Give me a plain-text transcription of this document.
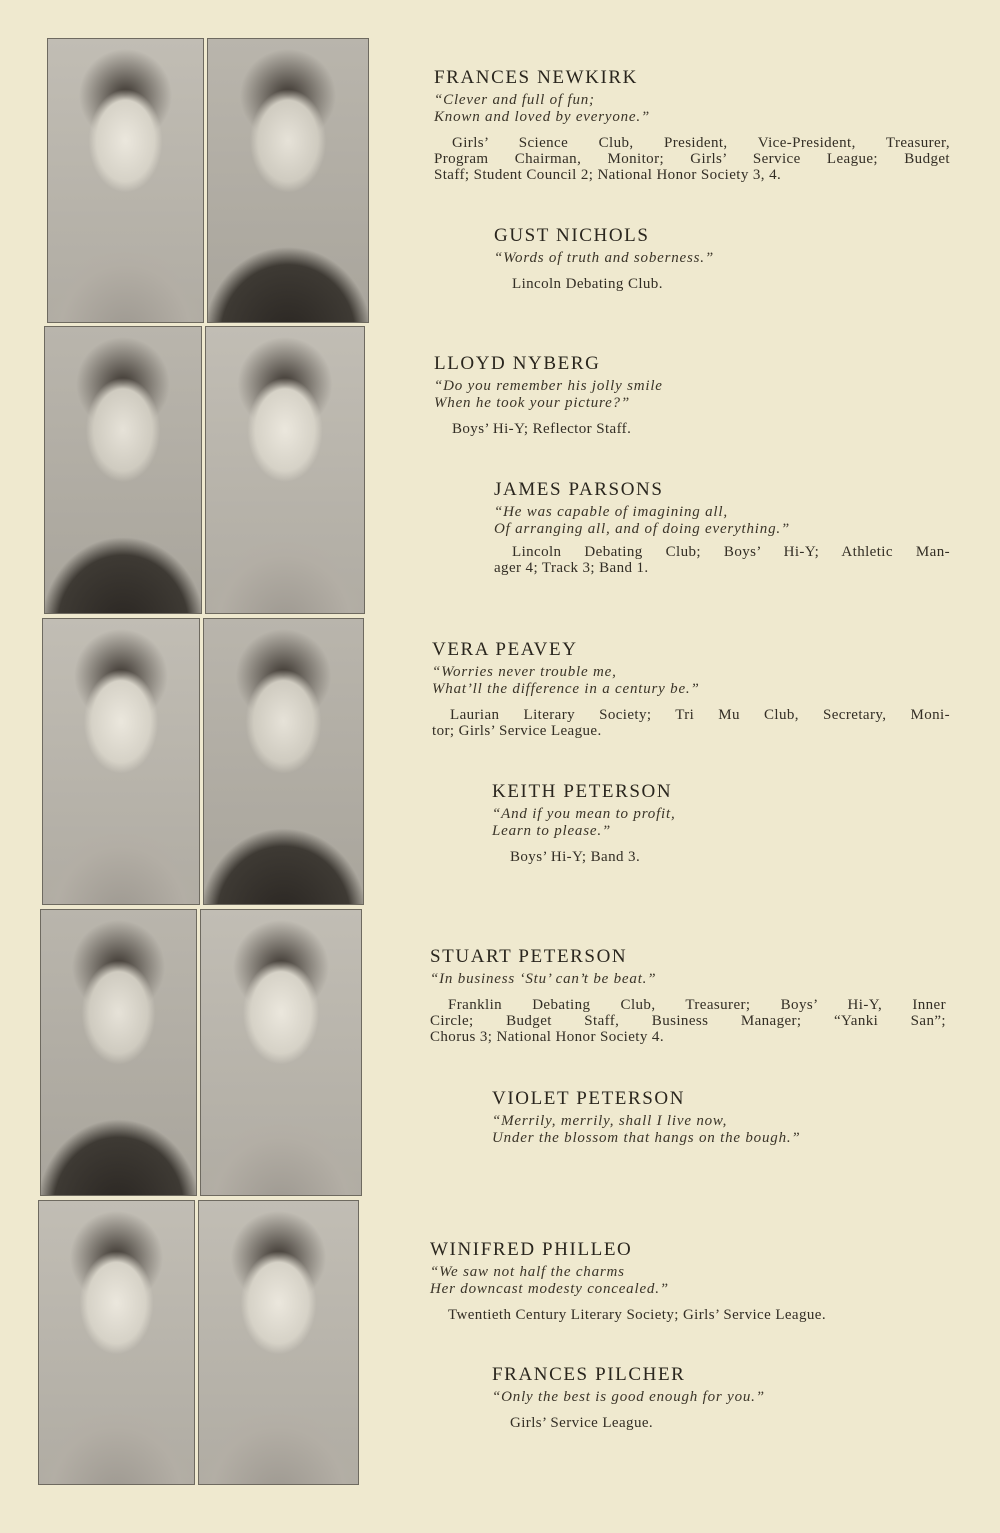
FRANCES NEWKIRK
“Clever and full of fun;
Known and loved by everyone.”
Girls’ Science Club, President, Vice-President, Treasurer,
Program Chairman, Monitor; Girls’ Service League; Budget
Staff; Student Council 2; National Honor Society 3, 4.
GUST NICHOLS
“Words of truth and soberness.”
Lincoln Debating Club.
LLOYD NYBERG
“Do you remember his jolly smile
When he took your picture?”
Boys’ Hi-Y; Reflector Staff.
JAMES PARSONS
“He was capable of imagining all,
Of arranging all, and of doing everything.”
Lincoln Debating Club; Boys’ Hi-Y; Athletic Man-
ager 4; Track 3; Band 1.
VERA PEAVEY
“Worries never trouble me,
What’ll the difference in a century be.”
Laurian Literary Society; Tri Mu Club, Secretary, Moni-
tor; Girls’ Service League.
KEITH PETERSON
“And if you mean to profit,
Learn to please.”
Boys’ Hi-Y; Band 3.
STUART PETERSON
“In business ‘Stu’ can’t be beat.”
Franklin Debating Club, Treasurer; Boys’ Hi-Y, Inner
Circle; Budget Staff, Business Manager; “Yanki San”;
Chorus 3; National Honor Society 4.
VIOLET PETERSON
“Merrily, merrily, shall I live now,
Under the blossom that hangs on the bough.”
WINIFRED PHILLEO
“We saw not half the charms
Her downcast modesty concealed.”
Twentieth Century Literary Society; Girls’ Service League.
FRANCES PILCHER
“Only the best is good enough for you.”
Girls’ Service League.
